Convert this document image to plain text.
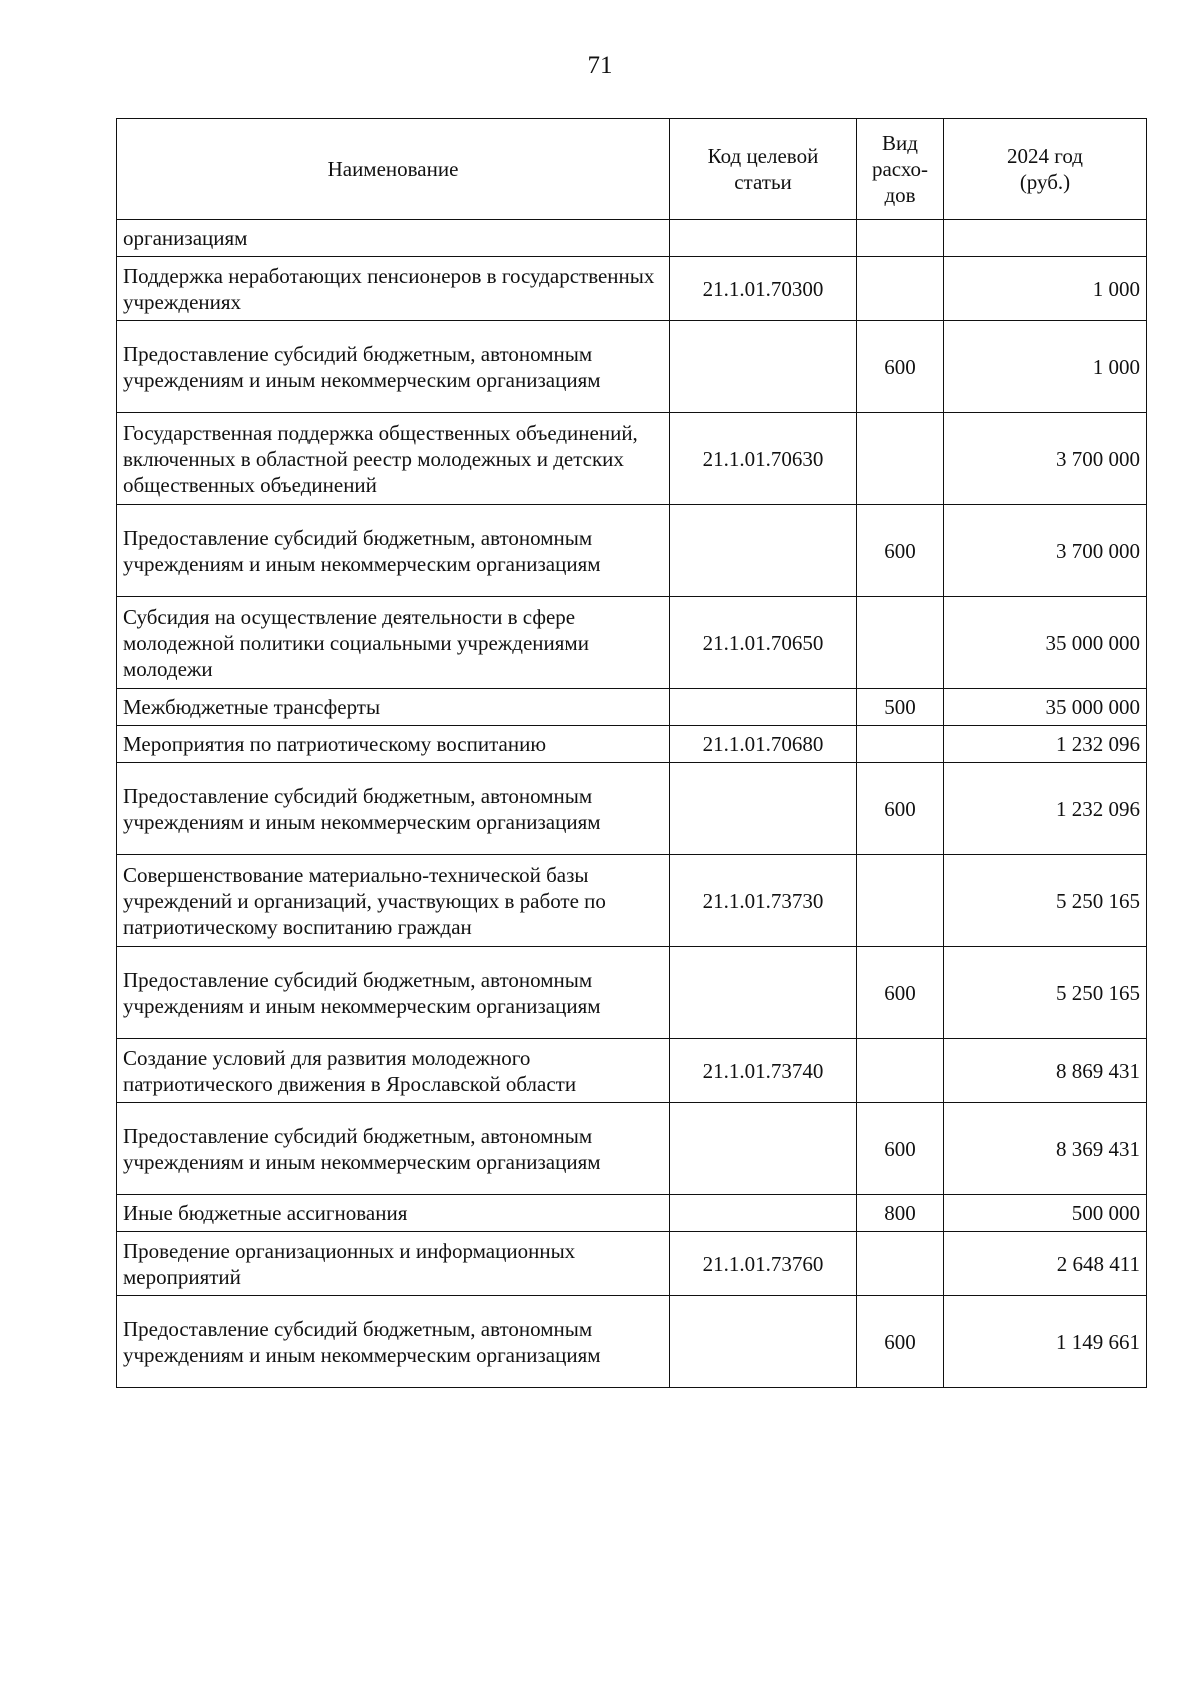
71
Наименование	Код целевой статьи	Вид расхо-дов	2024 год (руб.)
организациям			
Поддержка неработающих пенсионеров в государственных учреждениях	21.1.01.70300		1 000
Предоставление субсидий бюджетным, автономным учреждениям и иным некоммерческим организациям		600	1 000
Государственная поддержка общественных объединений, включенных в областной реестр молодежных и детских общественных объединений	21.1.01.70630		3 700 000
Предоставление субсидий бюджетным, автономным учреждениям и иным некоммерческим организациям		600	3 700 000
Субсидия на осуществление деятельности в сфере молодежной политики социальными учреждениями молодежи	21.1.01.70650		35 000 000
Межбюджетные трансферты		500	35 000 000
Мероприятия по патриотическому воспитанию	21.1.01.70680		1 232 096
Предоставление субсидий бюджетным, автономным учреждениям и иным некоммерческим организациям		600	1 232 096
Совершенствование материально-технической базы учреждений и организаций, участвующих в работе по патриотическому воспитанию граждан	21.1.01.73730		5 250 165
Предоставление субсидий бюджетным, автономным учреждениям и иным некоммерческим организациям		600	5 250 165
Создание условий для развития молодежного патриотического движения в Ярославской области	21.1.01.73740		8 869 431
Предоставление субсидий бюджетным, автономным учреждениям и иным некоммерческим организациям		600	8 369 431
Иные бюджетные ассигнования		800	500 000
Проведение организационных и информационных мероприятий	21.1.01.73760		2 648 411
Предоставление субсидий бюджетным, автономным учреждениям и иным некоммерческим организациям		600	1 149 661
